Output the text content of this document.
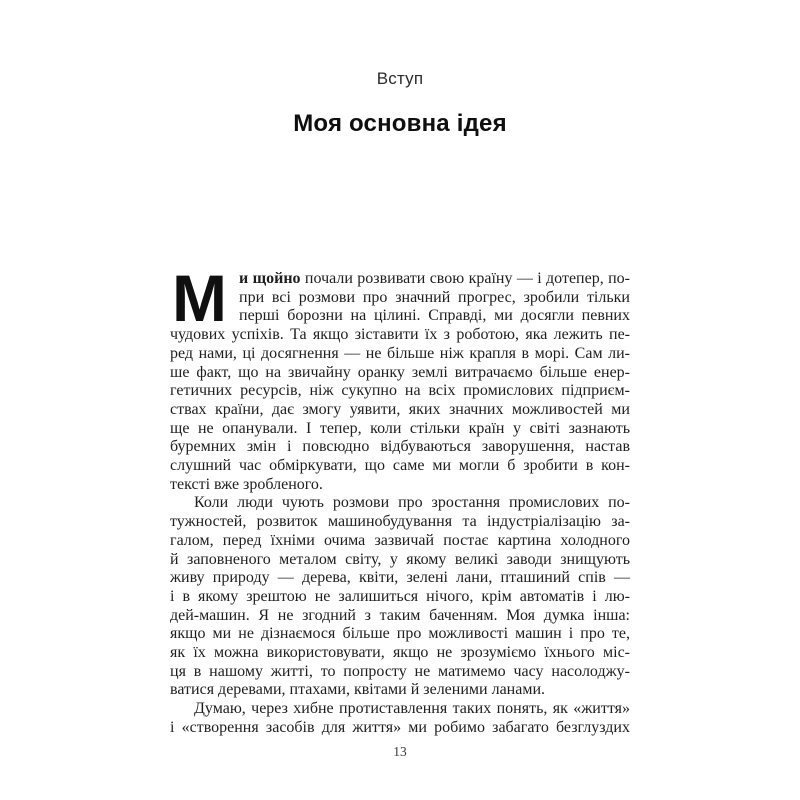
Вступ
Моя основна ідея
М и щойно почали розвивати свою країну — і дотепер, по-
при всі розмови про значний прогрес, зробили тільки
перші борозни на цілині. Справді, ми досягли певних
чудових успіхів. Та якщо зіставити їх з роботою, яка лежить пе-
ред нами, ці досягнення — не більше ніж крапля в морі. Сам ли-
ше факт, що на звичайну оранку землі витрачаємо більше енер-
гетичних ресурсів, ніж сукупно на всіх промислових підприєм-
ствах країни, дає змогу уявити, яких значних можливостей ми
ще не опанували. І тепер, коли стільки країн у світі зазнають
буремних змін і повсюдно відбуваються заворушення, настав
слушний час обміркувати, що саме ми могли б зробити в кон-
тексті вже зробленого.
Коли люди чують розмови про зростання промислових по-
тужностей, розвиток машинобудування та індустріалізацію за-
галом, перед їхніми очима зазвичай постає картина холодного
й заповненого металом світу, у якому великі заводи знищують
живу природу — дерева, квіти, зелені лани, пташиний спів —
і в якому зрештою не залишиться нічого, крім автоматів і лю-
дей-машин. Я не згодний з таким баченням. Моя думка інша:
якщо ми не дізнаємося більше про можливості машин і про те,
як їх можна використовувати, якщо не зрозуміємо їхнього міс-
ця в нашому житті, то попросту не матимемо часу насолоджу-
ватися деревами, птахами, квітами й зеленими ланами.
Думаю, через хибне протиставлення таких понять, як «життя»
і «створення засобів для життя» ми робимо забагато безглуздих
13
